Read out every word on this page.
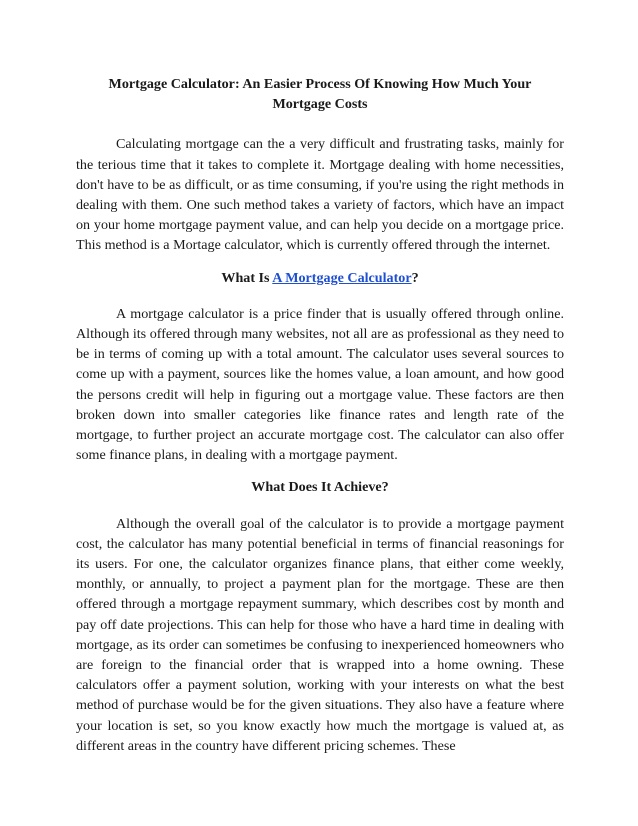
Mortgage Calculator: An Easier Process Of Knowing How Much Your Mortgage Costs

Calculating mortgage can the a very difficult and frustrating tasks, mainly for the terious time that it takes to complete it. Mortgage dealing with home necessities, don't have to be as difficult, or as time consuming, if you're using the right methods in dealing with them. One such method takes a variety of factors, which have an impact on your home mortgage payment value, and can help you decide on a mortgage price. This method is a Mortage calculator, which is currently offered through the internet.

What Is A Mortgage Calculator?

A mortgage calculator is a price finder that is usually offered through online. Although its offered through many websites, not all are as professional as they need to be in terms of coming up with a total amount. The calculator uses several sources to come up with a payment, sources like the homes value, a loan amount, and how good the persons credit will help in figuring out a mortgage value. These factors are then broken down into smaller categories like finance rates and length rate of the mortgage, to further project an accurate mortgage cost. The calculator can also offer some finance plans, in dealing with a mortgage payment.

What Does It Achieve?

Although the overall goal of the calculator is to provide a mortgage payment cost, the calculator has many potential beneficial in terms of financial reasonings for its users. For one, the calculator organizes finance plans, that either come weekly, monthly, or annually, to project a payment plan for the mortgage. These are then offered through a mortgage repayment summary, which describes cost by month and pay off date projections. This can help for those who have a hard time in dealing with mortgage, as its order can sometimes be confusing to inexperienced homeowners who are foreign to the financial order that is wrapped into a home owning. These calculators offer a payment solution, working with your interests on what the best method of purchase would be for the given situations. They also have a feature where your location is set, so you know exactly how much the mortgage is valued at, as different areas in the country have different pricing schemes. These
